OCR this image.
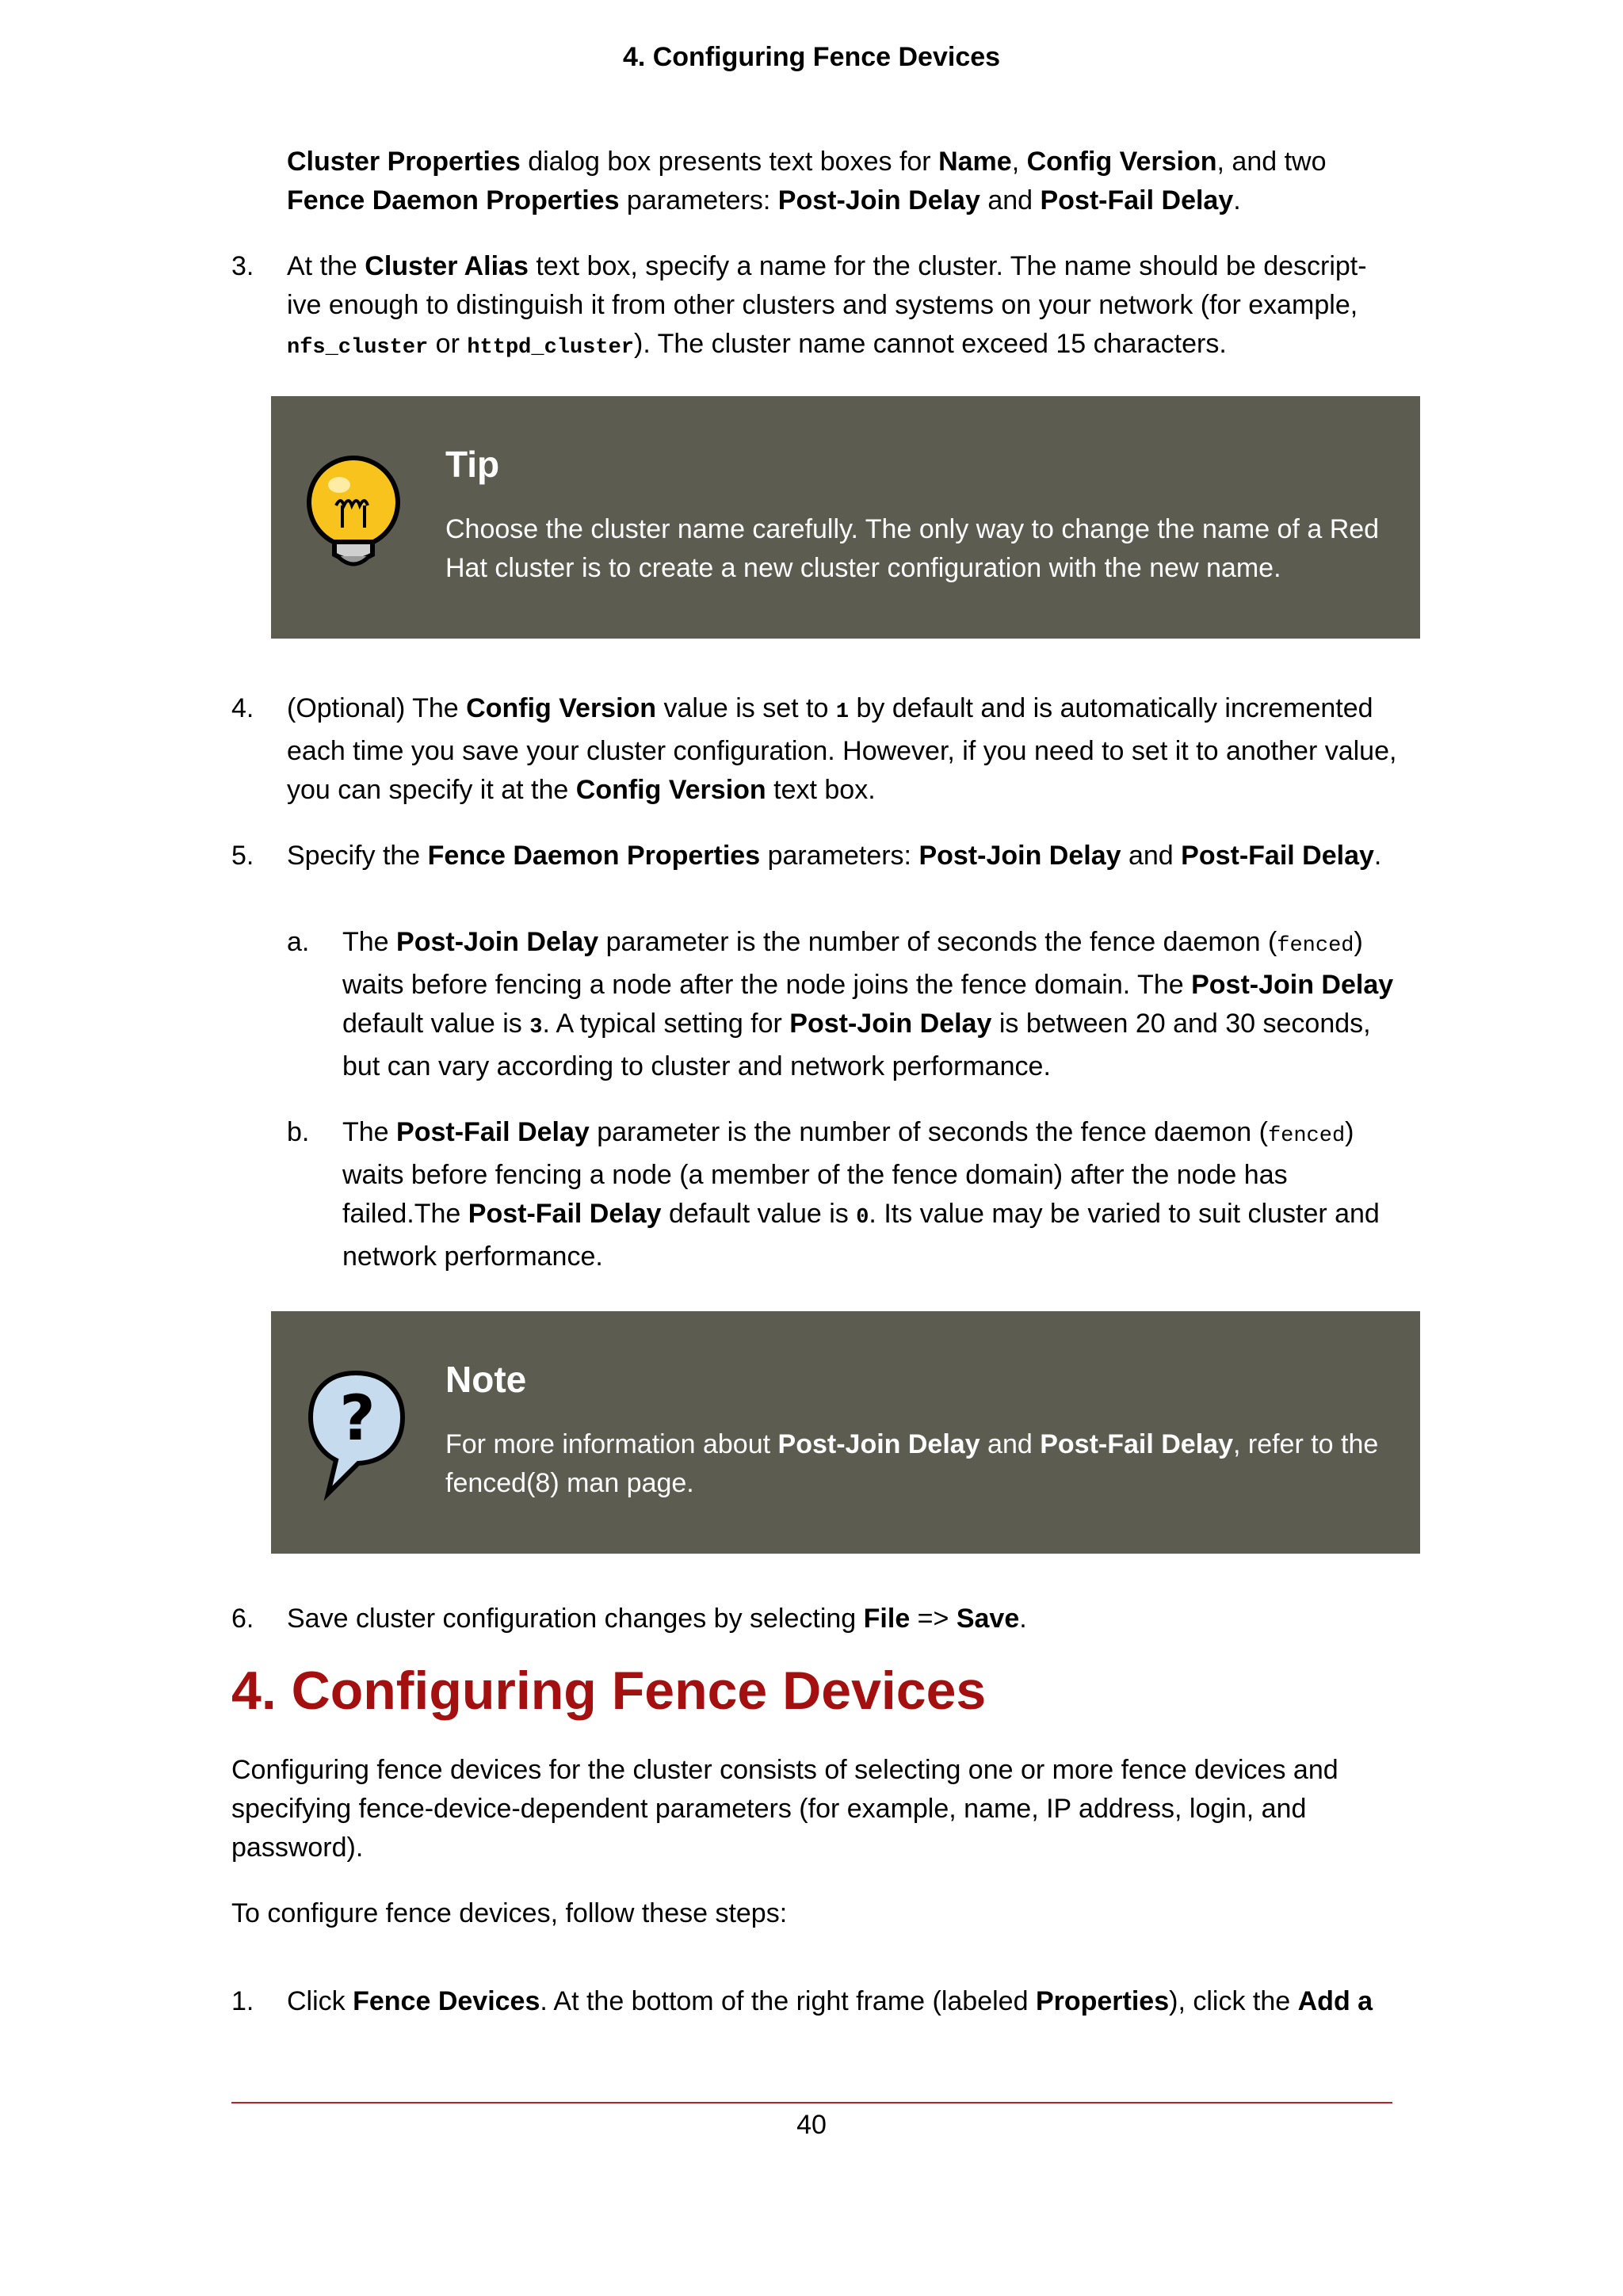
4. Configuring Fence Devices

Cluster Properties dialog box presents text boxes for Name, Config Version, and two Fence Daemon Properties parameters: Post-Join Delay and Post-Fail Delay.

3.	At the Cluster Alias text box, specify a name for the cluster. The name should be descript-ive enough to distinguish it from other clusters and systems on your network (for example, nfs_cluster or httpd_cluster). The cluster name cannot exceed 15 characters.
Tip
Choose the cluster name carefully. The only way to change the name of a Red Hat cluster is to create a new cluster configuration with the new name.
4.	(Optional) The Config Version value is set to 1 by default and is automatically incremented each time you save your cluster configuration. However, if you need to set it to another value, you can specify it at the Config Version text box.
5.	Specify the Fence Daemon Properties parameters: Post-Join Delay and Post-Fail Delay.
a.	The Post-Join Delay parameter is the number of seconds the fence daemon (fenced) waits before fencing a node after the node joins the fence domain. The Post-Join Delay default value is 3. A typical setting for Post-Join Delay is between 20 and 30 seconds, but can vary according to cluster and network performance.
b.	The Post-Fail Delay parameter is the number of seconds the fence daemon (fenced) waits before fencing a node (a member of the fence domain) after the node has failed.The Post-Fail Delay default value is 0. Its value may be varied to suit cluster and network performance.
?
Note
For more information about Post-Join Delay and Post-Fail Delay, refer to the fenced(8) man page.
6.	Save cluster configuration changes by selecting File => Save.
4. Configuring Fence Devices

Configuring fence devices for the cluster consists of selecting one or more fence devices and specifying fence-device-dependent parameters (for example, name, IP address, login, and password).

To configure fence devices, follow these steps:

1.	Click Fence Devices. At the bottom of the right frame (labeled Properties), click the Add a
40
